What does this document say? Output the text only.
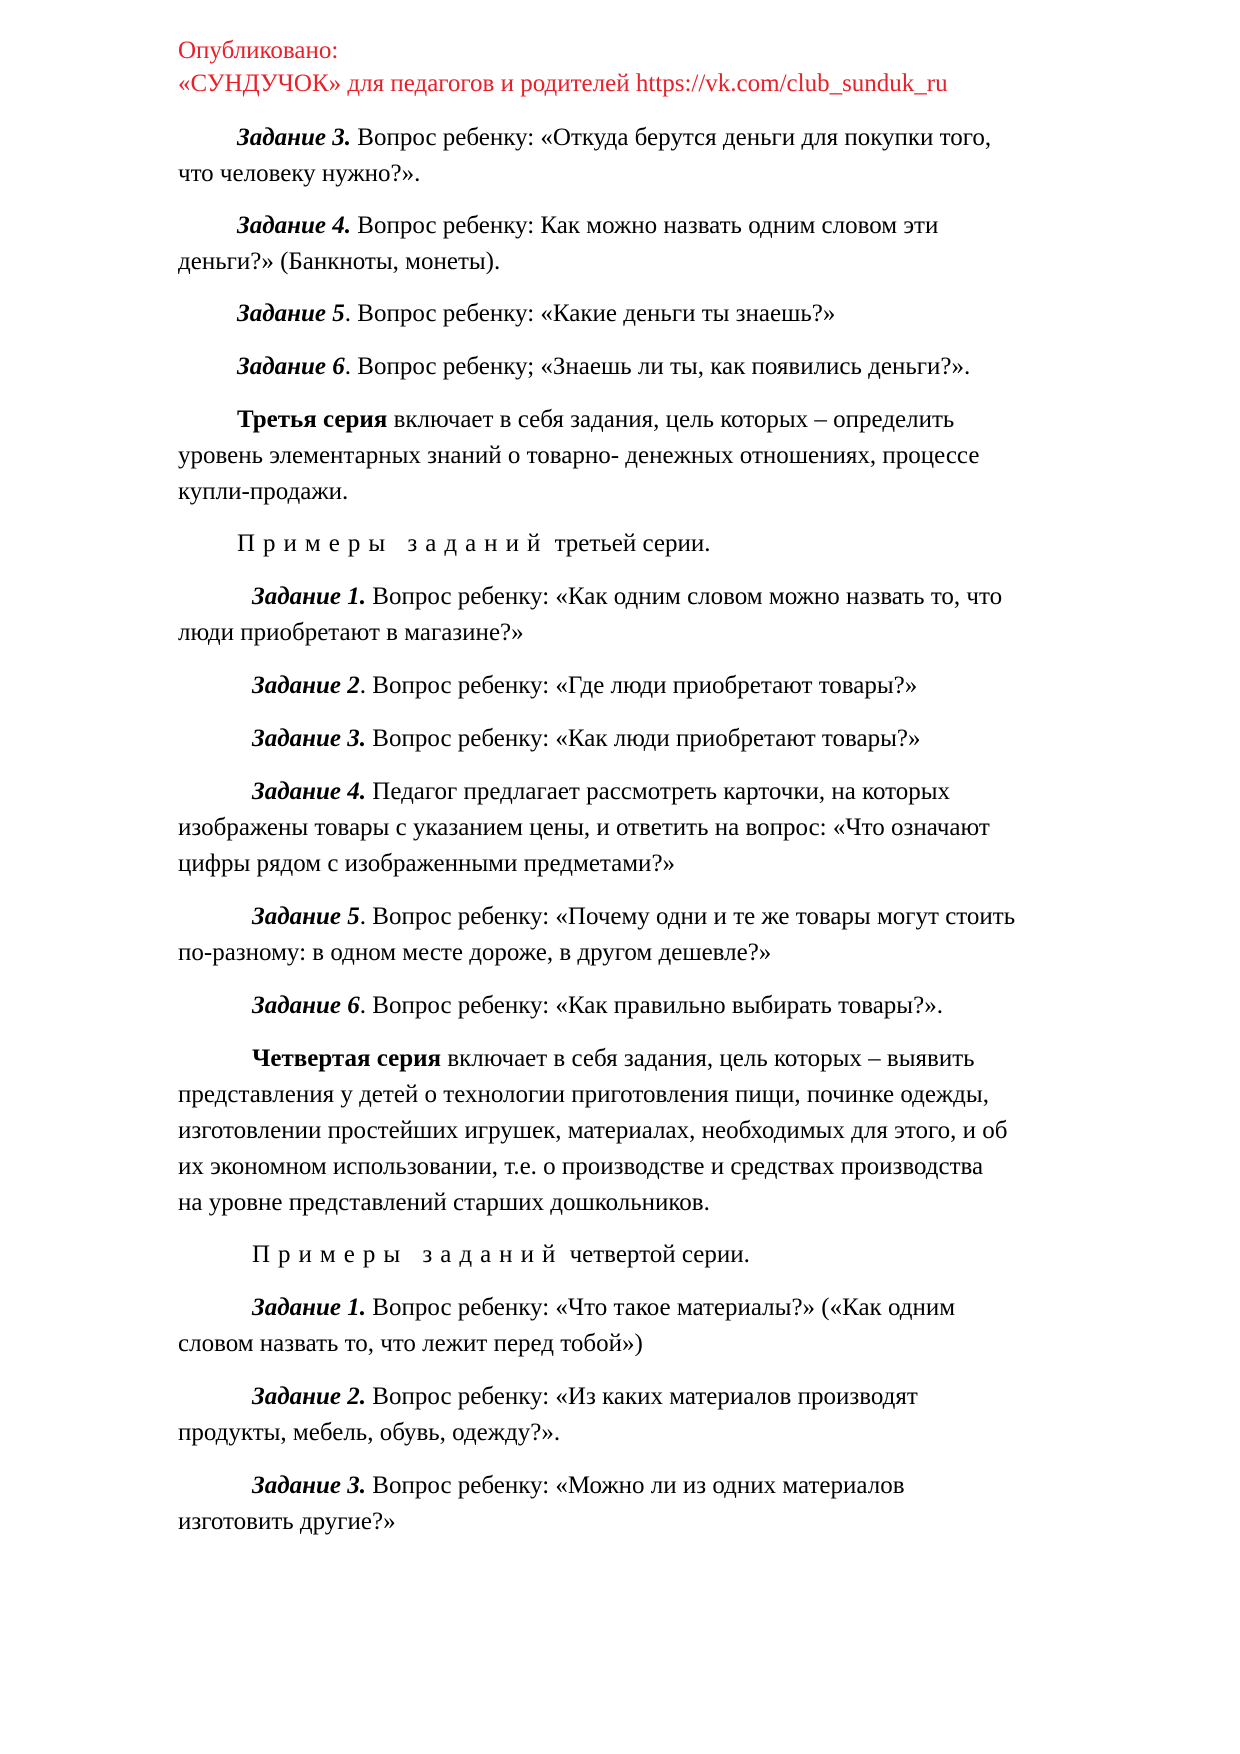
Опубликовано:
«СУНДУЧОК» для педагогов и родителей https://vk.com/club_sunduk_ru
Задание 3. Вопрос ребенку: «Откуда берутся деньги для покупки того,
что человеку нужно?».
Задание 4. Вопрос ребенку: Как можно назвать одним словом эти
деньги?» (Банкноты, монеты).
Задание 5. Вопрос ребенку: «Какие деньги ты знаешь?»
Задание 6. Вопрос ребенку; «Знаешь ли ты, как появились деньги?».
Третья серия включает в себя задания, цель которых – определить
уровень элементарных знаний о товарно- денежных отношениях, процессе
купли-продажи.
Примеры заданий третьей серии.
Задание 1. Вопрос ребенку: «Как одним словом можно назвать то, что
люди приобретают в магазине?»
Задание 2. Вопрос ребенку: «Где люди приобретают товары?»
Задание 3. Вопрос ребенку: «Как люди приобретают товары?»
Задание 4. Педагог предлагает рассмотреть карточки, на которых
изображены товары с указанием цены, и ответить на вопрос: «Что означают
цифры рядом с изображенными предметами?»
Задание 5. Вопрос ребенку: «Почему одни и те же товары могут стоить
по-разному: в одном месте дороже, в другом дешевле?»
Задание 6. Вопрос ребенку: «Как правильно выбирать товары?».
Четвертая серия включает в себя задания, цель которых – выявить
представления у детей о технологии приготовления пищи, починке одежды,
изготовлении простейших игрушек, материалах, необходимых для этого, и об
их экономном использовании, т.е. о производстве и средствах производства
на уровне представлений старших дошкольников.
Примеры заданий четвертой серии.
Задание 1. Вопрос ребенку: «Что такое материалы?» («Как одним
словом назвать то, что лежит перед тобой»)
Задание 2. Вопрос ребенку: «Из каких материалов производят
продукты, мебель, обувь, одежду?».
Задание 3. Вопрос ребенку: «Можно ли из одних материалов
изготовить другие?»
